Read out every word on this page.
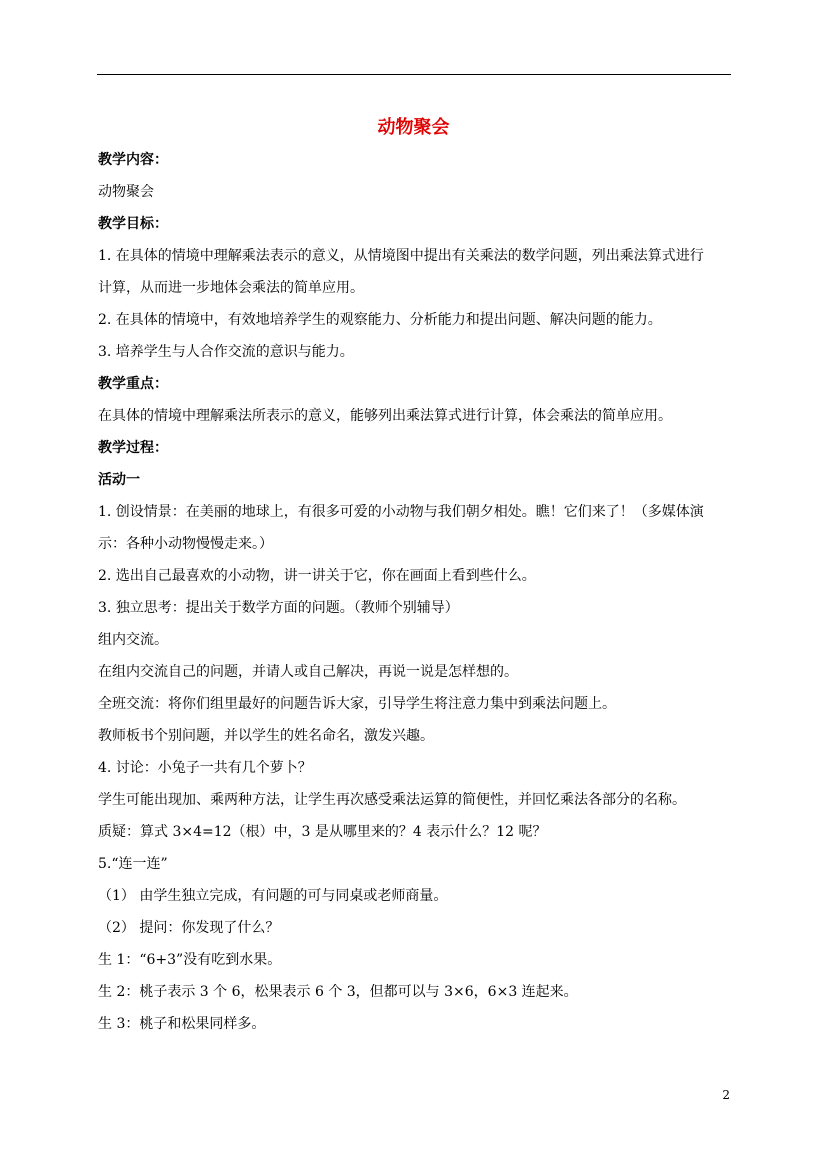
动物聚会

教学内容：

动物聚会

教学目标：

1. 在具体的情境中理解乘法表示的意义，从情境图中提出有关乘法的数学问题，列出乘法算式进行

计算，从而进一步地体会乘法的简单应用。

2. 在具体的情境中，有效地培养学生的观察能力、分析能力和提出问题、解决问题的能力。

3. 培养学生与人合作交流的意识与能力。

教学重点：

在具体的情境中理解乘法所表示的意义，能够列出乘法算式进行计算，体会乘法的简单应用。

教学过程：

活动一

1. 创设情景：在美丽的地球上，有很多可爱的小动物与我们朝夕相处。瞧！它们来了！（多媒体演

示：各种小动物慢慢走来。）

2. 选出自己最喜欢的小动物，讲一讲关于它，你在画面上看到些什么。

3. 独立思考：提出关于数学方面的问题。（教师个别辅导）

组内交流。

在组内交流自己的问题，并请人或自己解决，再说一说是怎样想的。

全班交流：将你们组里最好的问题告诉大家，引导学生将注意力集中到乘法问题上。

教师板书个别问题，并以学生的姓名命名，激发兴趣。

4. 讨论：小兔子一共有几个萝卜？

学生可能出现加、乘两种方法，让学生再次感受乘法运算的简便性，并回忆乘法各部分的名称。

质疑：算式 3×4=12（根）中，3 是从哪里来的？4 表示什么？12 呢？

5.“连一连”

（1） 由学生独立完成，有问题的可与同桌或老师商量。

（2） 提问：你发现了什么？

生 1：“6+3”没有吃到水果。

生 2：桃子表示 3 个 6，松果表示 6 个 3，但都可以与 3×6，6×3 连起来。

生 3：桃子和松果同样多。

2
